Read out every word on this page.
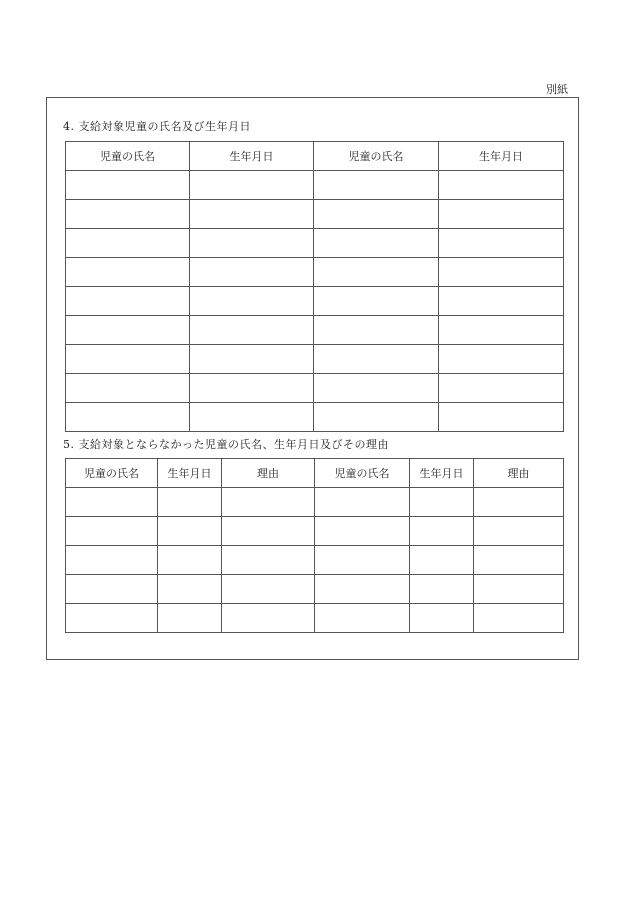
別紙
4. 支給対象児童の氏名及び生年月日
児童の氏名	生年月日	児童の氏名	生年月日

5. 支給対象とならなかった児童の氏名、生年月日及びその理由
児童の氏名	生年月日	理由	児童の氏名	生年月日	理由
